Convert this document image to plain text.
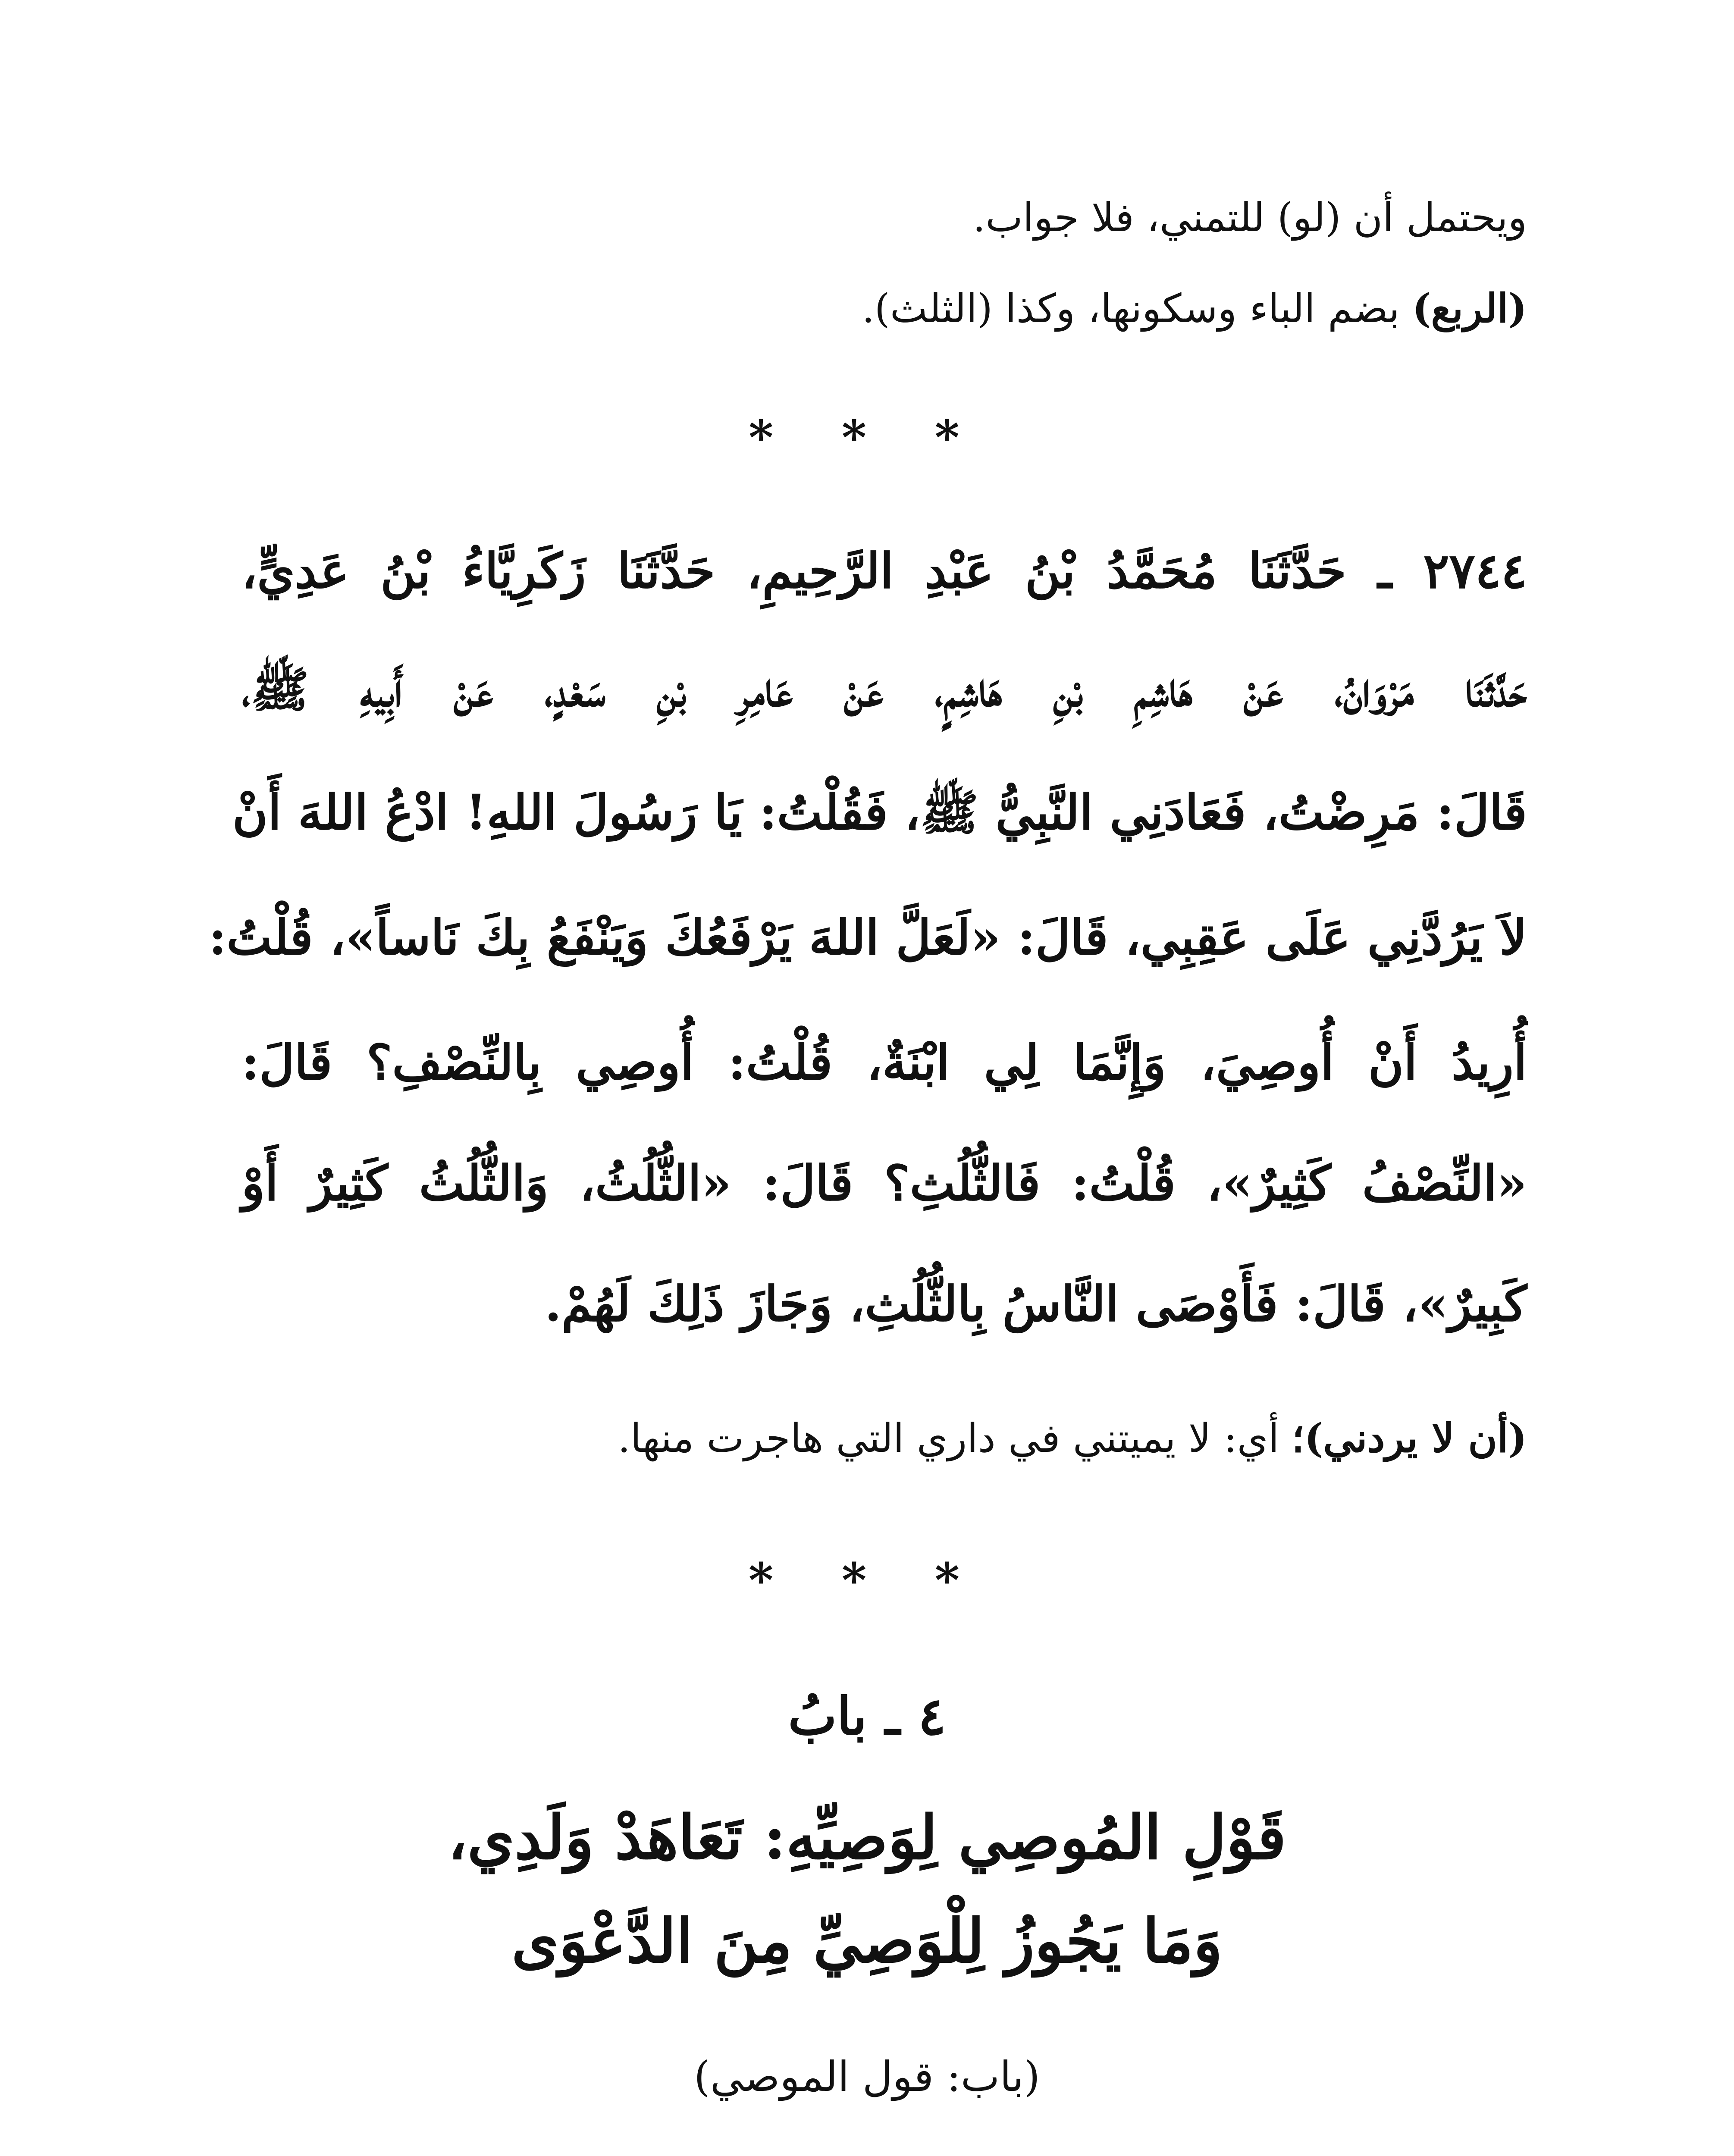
ويحتمل أن (لو) للتمني، فلا جواب.
(الربع) بضم الباء وسكونها، وكذا (الثلث).
* * *
٢٧٤٤ ـ حَدَّثَنَا مُحَمَّدُ بْنُ عَبْدِ الرَّحِيمِ، حَدَّثَنَا زَكَرِيَّاءُ بْنُ عَدِيٍّ،
حَدَّثَنَا مَرْوَانُ، عَنْ هَاشِمِ بْنِ هَاشِمٍ، عَنْ عَامِرِ بْنِ سَعْدٍ، عَنْ أَبِيهِ ﷺ،
قَالَ: مَرِضْتُ، فَعَادَنِي النَّبِيُّ ﷺ، فَقُلْتُ: يَا رَسُولَ اللهِ! ادْعُ اللهَ أَنْ
لاَ يَرُدَّنِي عَلَى عَقِبِي، قَالَ: «لَعَلَّ اللهَ يَرْفَعُكَ وَيَنْفَعُ بِكَ نَاساً»، قُلْتُ:
أُرِيدُ أَنْ أُوصِيَ، وَإِنَّمَا لِي ابْنَةٌ، قُلْتُ: أُوصِي بِالنِّصْفِ؟ قَالَ:
«النِّصْفُ كَثِيرٌ»، قُلْتُ: فَالثُّلُثِ؟ قَالَ: «الثُّلُثُ، وَالثُّلُثُ كَثِيرٌ أَوْ
كَبِيرٌ»، قَالَ: فَأَوْصَى النَّاسُ بِالثُّلُثِ، وَجَازَ ذَلِكَ لَهُمْ.
(أن لا يردني)؛ أي: لا يميتني في داري التي هاجرت منها.
* * *
٤ ـ بابُ
قَوْلِ المُوصِي لِوَصِيِّهِ: تَعَاهَدْ وَلَدِي،
وَمَا يَجُوزُ لِلْوَصِيِّ مِنَ الدَّعْوَى
(باب: قول الموصي)
